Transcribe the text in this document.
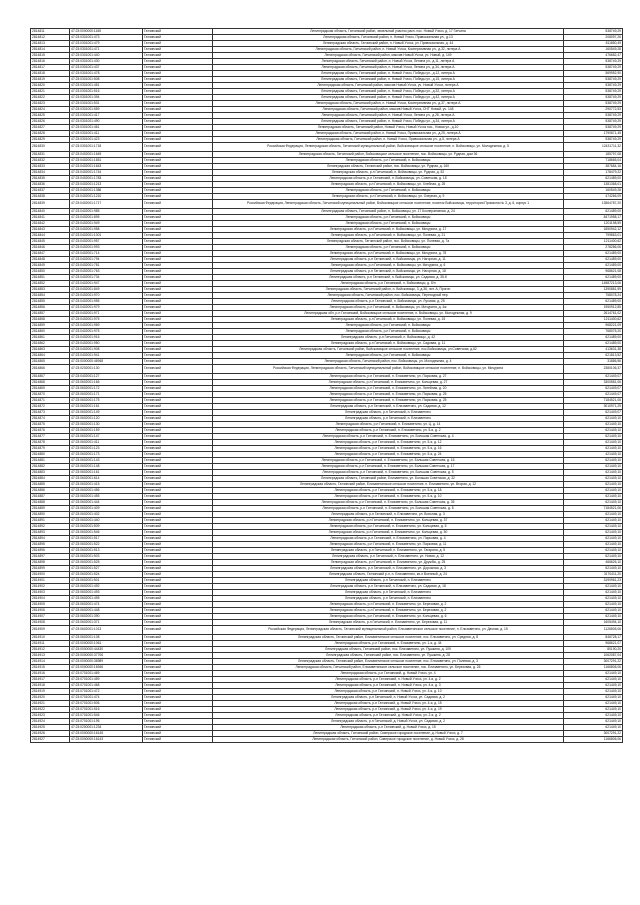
2814811	47:23:0000000:1165	Гатчинский	Ленинградская область, Гатчинский район, земельный участок расп. пос. Новый Учхоз, д. 17 Гатчина	538749,29
2814812	47:23:0301001:473	Гатчинский	Ленинградская область, Гатчинский район, п. Новый Учхоз, Привокзальная ул., д.13	208097,26
2814813	47:23:0301001:479	Гатчинский	Ленинградская область, Гатчинский район, п. Новый Учхоз, ул. Привокзальная, д. 44	811850,49
2814814	47:23:0301001:471	Гатчинский	Ленинградская область, Гатчинский район, п. Новый Учхоз, Кооперативная ул., д.32, литера А	160549,28
2814815	47:23:0301001:440	Гатчинский	Ленинградская область, Гатчинский район, массив Новый Учхоз, уч. Новый, д. 149	476682,47
2814816	47:23:0301001:430	Гатчинский	Ленинградская область, Гатчинский район, п. Новый Учхоз, Ленина ул., д.11, литера А	538749,29
2814817	47:23:0301001:437	Гатчинский	Ленинградская область, Гатчинский район, п. Новый Учхоз, Ленина ул., д.34, литера А	538749,29
2814818	47:23:0301001:478	Гатчинский	Ленинградская область, Гатчинский район, п. Новый Учхоз, Победы ул., д.12, литера А	569952,90
2814819	47:23:0301001:508	Гатчинский	Ленинградская область, Гатчинский район, п. Новый Учхоз, Победы ул., д.15, литера А	538749,29
2814820	47:23:0301001:451	Гатчинский	Ленинградская область, Гатчинский район, массив Новый Учхоз, уч. Новый Учхоз, литера А	538749,29
2814821	47:23:0301001:516	Гатчинский	Ленинградская область, Гатчинский район, п. Новый Учхоз, Победы ул., д.32, литера А	538749,29
2814822	47:23:0301001:394	Гатчинский	Ленинградская область, Гатчинский район, п. Новый Учхоз, Победы ул., д.42, литера А	538749,29
2814823	47:23:0301001:531	Гатчинский	Ленинградская область, Гатчинский район, п. Новый Учхоз, Кооперативная ул., д.37, литера А	538749,29
2814824	47:23:0301001:559	Гатчинский	Ленинградская область, Гатчинский район, массив Новый Учхоз, СНТ Новый, уч. 148	290772,53
2814825	47:23:0301001:417	Гатчинский	Ленинградская область, Гатчинский район, п. Новый Учхоз, Ленина ул., д.28, литера А	538749,29
2814826	47:23:0301001:490	Гатчинский	Ленинградская область, Гатчинский район, п. Новый Учхоз, Победы ул., д.34, литера А	538749,29
2814827	47:23:0301001:461	Гатчинский	Ленинградская область, Гатчинский район, Новый Учхоз, Новый Учхоз пос., Новая ул., д.10	538749,29
2814828	47:23:0301001:411	Гатчинский	Ленинградская область, Гатчинский район, п. Новый Учхоз, Привокзальная ул., д.25, литера А	1790871,45
2814829	47:23:0301001:423	Гатчинский	Ленинградская область, Гатчинский район, п. Новый Учхоз, Привокзальная ул., д.5, литера А	538749,29
2814830	47:23:0301001:1718	Гатчинский	Российская Федерация, Ленинградская область, Гатчинский муниципальный район, Войсковицкое сельское поселение, п. Войсковицы, ул. Молодежная, д. 5	12431711,32
2814831	47:23:0402001:1649	Гатчинский	Ленинградская область, Гатчинский район, Войсковицкое сельское поселение, пос. Войсковицы, ул. Рудная, дом 36	185797,08
2814832	47:23:0402001:1651	Гатчинский	Ленинградская область, р-н Гатчинский, п. Войсковицы	718665,04
2814833	47:23:0402001:1643	Гатчинский	Ленинградская область, Гатчинский район, пос. Войсковицы, ул. Рудная, д. 160	387684,16
2814834	47:23:0402001:1744	Гатчинский	Ленинградская область, р-н Гатчинский, п. Войсковицы, ул. Рудная, д. 52	178479,22
2814835	47:23:0402001:1783	Гатчинский	Ленинградская область, р-н Гатчинский, п. Войсковицы, ул. Советская, д. 18	621489,00
2814836	47:23:0402001:1213	Гатчинский	Ленинградская область, р-н Гатчинский, п. Войсковицы, ул. Хлебная, д. 25	1381368,01
2814837	47:23:0402001:1386	Гатчинский	Ленинградская область, р-н Гатчинский, п. Войсковицы	160549,28
2814838	47:23:0402001:1210	Гатчинский	Ленинградская область, р-н Гатчинский, п. Войсковицы, ул. Озерная, д. 9	474266,09
2814839	47:23:0402001:1717	Гатчинский	Российская Федерация, Ленинградская область, Гатчинский муниципальный район, Войсковицкое сельское поселение, поселок Войсковицы, территория Промзона № 3, д. 6, корпус 1	13564787,20
2814840	47:23:0402001:985	Гатчинский	Ленинградская область, Гатчинский район, п. Войсковицы, ул. 17 Кооперативная, д. 24	621489,00
2814841	47:23:0402001:895	Гатчинский	Ленинградская область, р-н Гатчинский, п. Войсковицы	8471958,17
2814842	47:23:0402001:949	Гатчинский	Ленинградская область, р-н Гатчинский, п. Войсковицы	1201198,59
2814843	47:23:0402001:958	Гатчинский	Ленинградская область, р-н Гатчинский, п. Войсковицы, ул. Мичурина, д. 17	1850942,12
2814844	47:23:0402001:1001	Гатчинский	Ленинградская область, р-н Гатчинский, п. Войсковицы, ул. Полевая, д. 21	799863,01
2814845	47:23:0402001:957	Гатчинский	Ленинградская область, Гатчинский район, пос. Войсковицы, ул. Полевая, д. 7а	1211400,62
2814846	47:23:0402001:993	Гатчинский	Ленинградская область, р-н Гатчинский, п. Войсковицы	278286,06
2814847	47:23:0402001:714	Гатчинский	Ленинградская область, р-н Гатчинский, п. Войсковицы, ул. Мичурина, д. 78	621489,00
2814848	47:23:0402001:794	Гатчинский	Ленинградская область, р-н Гатчинский, п. Войсковицы, ул. Нагорная, д. 11	621489,00
2814849	47:23:0402001:781	Гатчинский	Ленинградская область, р-н Гатчинский, п. Войсковицы, ул. Мичурина, д. 6	621489,00
2814850	47:23:0402001:763	Гатчинский	Ленинградская область, р-н Гатчинский, п. Войсковицы, ул. Нагорная, д. 18	968621,08
2814851	47:23:0402001:734	Гатчинский	Ленинградская область, р-н Гатчинский, п. Войсковицы, ул. Садовая, д. 35-б	621489,00
2814852	47:23:0402001:947	Гатчинский	Ленинградская область, р-н Гатчинский, п. Войсковицы, д. б/н	14587213,06
2814853	47:23:0402001:849	Гатчинский	Ленинградская область, Гатчинский район, п. Войсковицы, 3, д.36, лит. А, Прогон	1390881,59
2814854	47:23:0402001:970	Гатчинский	Ленинградская область, Гатчинский район, пос. Войсковицы, Переходный пер.	758078,24
2814855	47:23:0402001:955	Гатчинский	Ленинградская область, р-н Гатчинский, п. Войсковицы, ул. Луговая, д. 25	621489,00
2814856	47:23:0402001:979	Гатчинский	Ленинградская область, р-н Гатчинский, п. Войсковицы, ул. Мичурина, д. 4ж	1950912,85
2814857	47:23:0402001:971	Гатчинский	Ленинградская обл, р-н Гатчинский, Войсковицкое сельское поселение, п. Войсковицы, ул. Молодежная, д. 9	2614761,02
2814858	47:23:0402001:975	Гатчинский	Ленинградская область, р-н Гатчинский, п. Войсковицы, ул. Полевая, д. 15	1211400,62
2814859	47:23:0402001:969	Гатчинский	Ленинградская область, р-н Гатчинский, п. Войсковицы	968221,09
2814860	47:23:0402001:975	Гатчинский	Ленинградская область, р-н Гатчинский, п. Войсковицы	768075,20
2814861	47:23:0402001:916	Гатчинский	Ленинградская область, р-н Гатчинский, п. Войсковицы, д. 42	621489,00
2814862	47:23:0402001:950	Гатчинский	Ленинградская область, р-н Гатчинский, п. Войсковицы, ул. Садовая, д. 11	621489,00
2814863	47:23:0402001:908	Гатчинский	Ленинградская область, Гатчинский район, Войсковицкое сельское поселение, пос.Войсковицы, ул.Советская, д.62	413631,38
2814864	47:23:0402001:941	Гатчинский	Ленинградская область, р-н Гатчинский, п. Войсковицы	621813,52
2814865	47:23:0000000:46948	Гатчинский	Ленинградская область, Гатчинский район, пос. Войсковицы, ул. Молодежная, д. 4	31886,56
2814866	47:23:0202001:130	Гатчинский	Российская Федерация, Ленинградская область, Гатчинский муниципальный район, Войсковицкое сельское поселение, п. Войсковицы, ул. Мичурина	2380106,37
2814867	47:23:0402001:127	Гатчинский	Ленинградская область, р-н Гатчинский, п. Елизаветино, ул. Парковая, д. 27	621449,07
2814868	47:23:0602001:166	Гатчинский	Ленинградская область, р-н Гатчинский, п. Елизаветино, ул. Кольцевая, д. 27	3300581,06
2814869	47:23:0602001:172	Гатчинский	Ленинградская область, р-н Гатчинский, п. Елизаветино, ул. Литейная, д. 20	621449,07
2814870	47:23:0602001:171	Гатчинский	Ленинградская область, р-н Гатчинский, п. Елизаветино, ул. Парковая, д. 25	621449,07
2814871	47:23:0602001:175	Гатчинский	Ленинградская область, р-н Гатчинский, п. Елизаветино, ул. Парковая, д. 25	7184521,06
2814872	47:23:0602001:161	Гатчинский	Ленинградская область, р-н Гатчинский, п. Елизаветино, ул. Садовая, д. 12	3010971,29
2814873	47:23:0602001:149	Гатчинский	Ленинградская область, р-н Гатчинский, п. Елизаветино	621449,07
2814874	47:23:0602001:120	Гатчинский	Ленинградская область, р-н Гатчинский, п. Елизаветино	621449,10
2814875	47:23:0602001:130	Гатчинский	Ленинградская область, р-н Гатчинский, п. Елизаветино, ул. Ц, д. 14	621449,10
2814876	47:23:0602001:159	Гатчинский	Ленинградская область, р-н Гатчинский, п. Елизаветино, ул. 5-я, д. 2	621449,10
2814877	47:23:0602001:147	Гатчинский	Ленинградская область, р-н Гатчинский, п. Елизаветино, ул. Большая Советская, д. 4	621449,10
2814878	47:23:0602001:411	Гатчинский	Ленинградская область, р-н Гатчинский, п. Елизаветино, ул. 5-я, д. 12	621449,10
2814879	47:23:0602001:123	Гатчинский	Ленинградская область, р-н Гатчинский, п. Елизаветино, ул. 5-я, д. 16	621449,10
2814880	47:23:0602001:173	Гатчинский	Ленинградская область, р-н Гатчинский, п. Елизаветино, ул. 5-я, д. 24	421449,10
2814881	47:23:0602001:143	Гатчинский	Ленинградская область, р-н Гатчинский, п. Елизаветино, ул. Большая Советская, д. 16	621449,10
2814882	47:23:0602001:148	Гатчинский	Ленинградская область, р-н Гатчинский, п. Елизаветино, ул. Большая Советская, д. 17	621449,10
2814883	47:23:0602001:161	Гатчинский	Ленинградская область, р-н Гатчинский, п. Елизаветино, ул. Большая Советская, д. 5	621449,10
2814884	47:23:0602001:614	Гатчинский	Ленинградская область, Гатчинский район, Елизаветино, ул. Большая Советская, д. 32	621449,10
2814885	47:23:0602001:415	Гатчинский	Ленинградская область, Гатчинский район, Елизаветинское сельское поселение, п. Елизаветино, ул. Вторая, д. 12	621449,10
2814886	47:23:0602001:456	Гатчинский	Ленинградская область, р-н Гатчинский, п. Елизаветино, ул. 5-я, д. 18	621449,10
2814887	47:23:0602001:455	Гатчинский	Ленинградская область, р-н Гатчинский, п. Елизаветино, ул. 5-я, д. 10	621449,10
2814888	47:23:0602001:444	Гатчинский	Ленинградская область, р-н Гатчинский, п. Елизаветино, ул. Большая Советская, д. 35	621449,10
2814889	47:23:0602001:409	Гатчинский	Ленинградская область, р-н Гатчинский, п. Елизаветино, ул. Большая Советская, д. 8	7184521,06
2814890	47:23:0602001:402	Гатчинский	Ленинградская область, р-н Гатчинский, п. Елизаветино, ул. Вольная, д. 3	621449,10
2814891	47:23:0602001:440	Гатчинский	Ленинградская область, р-н Гатчинский, п. Елизаветино, ул. Кольцевая, д. 37	621449,10
2814892	47:23:0602001:509	Гатчинский	Ленинградская область, р-н Гатчинский, п. Елизаветино, ул. Кольцевая, д. 5	621449,10
2814893	47:23:0602001:546	Гатчинский	Ленинградская область, р-н Гатчинский, п. Елизаветино, ул. Кольцевая, д. 50	621449,10
2814894	47:23:0602001:517	Гатчинский	Ленинградская область, р-н Гатчинский, п. Елизаветино, ул. Парковая, д. 4	621449,10
2814895	47:23:0602001:522	Гатчинский	Ленинградская область, р-н Гатчинский, п. Елизаветино, ул. Парковая, д. 11	621449,10
2814896	47:23:0602001:513	Гатчинский	Ленинградская область, р-н Гатчинский, п. Елизаветино, ул. Гагарина, д. 5	621449,10
2814897	47:23:0602001:503	Гатчинский	Ленинградская область, р-н Гатчинский, п. Елизаветино, ул. Новая, д. 12	621449,10
2814898	47:23:0602001:525	Гатчинский	Ленинградская область, р-н Гатчинский, п. Елизаветино, ул. Дружбы, д. 25	466626,10
2814899	47:23:0602001:527	Гатчинский	Ленинградская область, р-н Гатчинский, п. Елизаветино, ул. Дорожная, д. 3	621449,10
2814900	47:23:0602001:524	Гатчинский	Ленинградская область, Гатчинский р-н, п. Елизаветино, кв-л Военный, д. 24	3170411,20
2814901	47:23:0602001:501	Гатчинский	Ленинградская область, р-н Гатчинский, п. Елизаветино	3190961,23
2814902	47:23:0602001:492	Гатчинский	Ленинградская область, р-н Гатчинский, п. Елизаветино, ул. Садовая, д. 18	621449,10
2814903	47:23:0602001:493	Гатчинский	Ленинградская область, р-н Гатчинский, п. Елизаветино	621449,10
2814904	47:23:0602001:495	Гатчинский	Ленинградская область, р-н Гатчинский, п. Елизаветино	621449,10
2814905	47:23:0602001:474	Гатчинский	Ленинградская область, р-н Гатчинский, п. Елизаветино, ул. Березовая, д. 2	621449,10
2814906	47:23:0602001:448	Гатчинский	Ленинградская область, р-н Гатчинский, п. Елизаветино, ул. Березовая, д. 2	621449,10
2814907	47:23:0602001:390	Гатчинский	Ленинградская область, р-н Гатчинский, п. Елизаветино, ул. Кольцевая, д. 6	621449,10
2814908	47:23:0602001:371	Гатчинский	Ленинградская область, р-н Гатчинский, п. Елизаветино, ул. Березовая, д. 11	1605494,10
2814909	47:23:0602001:1013	Гатчинский	Российская Федерация, Ленинградская область, Гатчинский муниципальный район, Елизаветинское сельское поселение, п. Елизаветино, ул. Дачная, д. 15	1126505,06
2814910	47:23:0602001:108	Гатчинский	Ленинградская область, Гатчинский район, Елизаветинское сельское поселение, пос. Елизаветино, ул. Средняя, д. 8	846728,17
2814911	47:23:0000000:1061	Гатчинский	Ленинградская область, р-н Гатчинский, п. Елизаветино, ул. 1-я, д. 44	968621,07
2814912	47:23:0000000:44430	Гатчинский	Ленинградская область, Гатчинский район, пос. Елизаветино, ул. Пушкина, д. 109	80190,20
2814913	47:23:0000000:37706	Гатчинский	Ленинградская область, Гатчинский район, пос. Елизаветино, ул. Пушкина, д. 28	1062087,04
2814914	47:23:0000000:36989	Гатчинский	Ленинградская область, Гатчинский район, Елизаветинское сельское поселение, пос. Елизаветино, ул. Полевая, д. 3	3007291,22
2814915	47:23:0000000:16946	Гатчинский	Ленинградская область, Гатчинский район, Елизаветинское сельское поселение, пос. Елизаветино, ул. Березовая, д. 26	1166806,06
2814916	47:23:0701001:469	Гатчинский	Ленинградская область, р-н Гатчинский, д. Новый Учхоз, ул. 4	621449,10
2814917	47:23:0701001:459	Гатчинский	Ленинградская область, р-н Гатчинский, п. Новый Учхоз, ул. 4-я, д. 2	621449,10
2814918	47:23:0701001:468	Гатчинский	Ленинградская область, р-н Гатчинский, п. Новый Учхоз, ул. 4-я, д. 3	621449,10
2814919	47:23:0701001:472	Гатчинский	Ленинградская область, р-н Гатчинский, п. Новый Учхоз, ул. 4-я, д. 10	621449,10
2814920	47:23:0701001:474	Гатчинский	Ленинградская область, р-н Гатчинский, п. Новый Учхоз, ул. Садовая, д. 2	621449,10
2814921	47:23:0701001:506	Гатчинский	Ленинградская область, р-н Гатчинский, д. Новый Учхоз, ул. 4-я, д. 15	621449,10
2814922	47:23:0701001:516	Гатчинский	Ленинградская область, р-н Гатчинский, д. Новый Учхоз, ул. 4-я, д. 19	621449,10
2814923	47:23:0701001:546	Гатчинский	Ленинградская область, р-н Гатчинский, д. Новый Учхоз, ул. 2-я, д. 2	621449,10
2814924	47:23:0701001:195	Гатчинский	Ленинградская область, р-н Гатчинский, д. Новый Учхоз, ул. Садовая, д. 2	621449,10
2814925	47:23:0200001:1234	Гатчинский	Ленинградская область, р-н Гатчинский, д. Новый Учхоз, д. 15	621449,10
2814926	47:23:0000000:16145	Гатчинский	Ленинградская область, Гатчинский район, Сиверское городское поселение, д. Новый Учхоз, д. 7	3007291,22
2814927	47:23:0000000:16143	Гатчинский	Ленинградская область, Гатчинский район, Сиверское городское поселение, д. Новый Учхоз, д. 28	1166806,06
